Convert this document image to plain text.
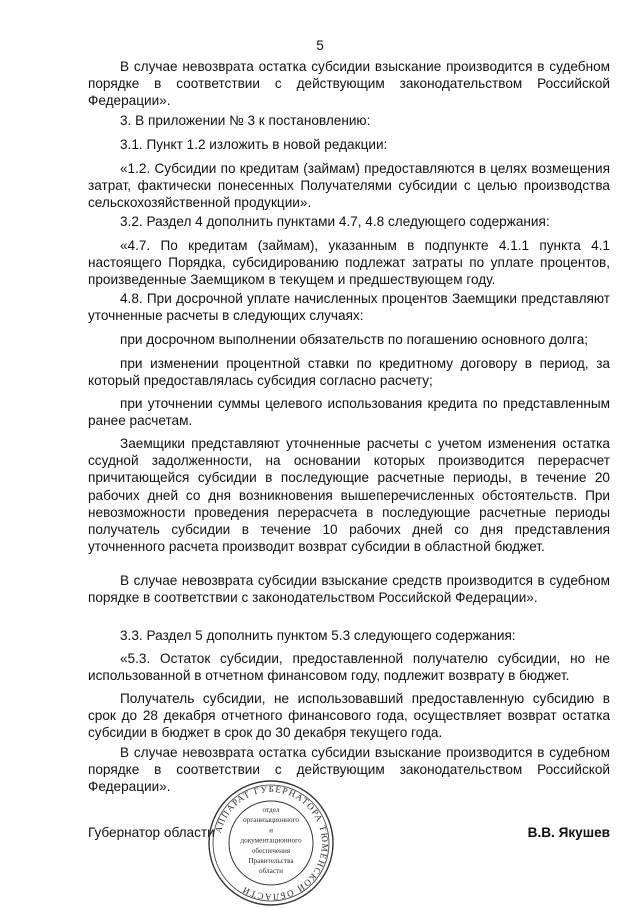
5

В случае невозврата остатка субсидии взыскание производится в судебном порядке в соответствии с действующим законодательством Российской Федерации».

3. В приложении № 3 к постановлению:

3.1. Пункт 1.2 изложить в новой редакции:

«1.2. Субсидии по кредитам (займам) предоставляются в целях возмещения затрат, фактически понесенных Получателями субсидии с целью производства сельскохозяйственной продукции».

3.2. Раздел 4 дополнить пунктами 4.7, 4.8 следующего содержания:

«4.7. По кредитам (займам), указанным в подпункте 4.1.1 пункта 4.1 настоящего Порядка, субсидированию подлежат затраты по уплате процентов, произведенные Заемщиком в текущем и предшествующем году.

4.8. При досрочной уплате начисленных процентов Заемщики представляют уточненные расчеты в следующих случаях:

при досрочном выполнении обязательств по погашению основного долга;

при изменении процентной ставки по кредитному договору в период, за который предоставлялась субсидия согласно расчету;

при уточнении суммы целевого использования кредита по представленным ранее расчетам.

Заемщики представляют уточненные расчеты с учетом изменения остатка ссудной задолженности, на основании которых производится перерасчет причитающейся субсидии в последующие расчетные периоды, в течение 20 рабочих дней со дня возникновения вышеперечисленных обстоятельств. При невозможности проведения перерасчета в последующие расчетные периоды получатель субсидии в течение 10 рабочих дней со дня представления уточненного расчета производит возврат субсидии в областной бюджет.

В случае невозврата субсидии взыскание средств производится в судебном порядке в соответствии с законодательством Российской Федерации».

3.3. Раздел 5 дополнить пунктом 5.3 следующего содержания:

«5.3. Остаток субсидии, предоставленной получателю субсидии, но не использованной в отчетном финансовом году, подлежит возврату в бюджет.

Получатель субсидии, не использовавший предоставленную субсидию в срок до 28 декабря отчетного финансового года, осуществляет возврат остатка субсидии в бюджет в срок до 30 декабря текущего года.

В случае невозврата остатка субсидии взыскание производится в судебном порядке в соответствии с действующим законодательством Российской Федерации».

Губернатор области	В.В. Якушев
АППАРАТ ГУБЕРНАТОРА ТЮМЕНСКОЙ ОБЛАСТИ
отдел
организационного
и
документационного
обеспечения
Правительства
области
